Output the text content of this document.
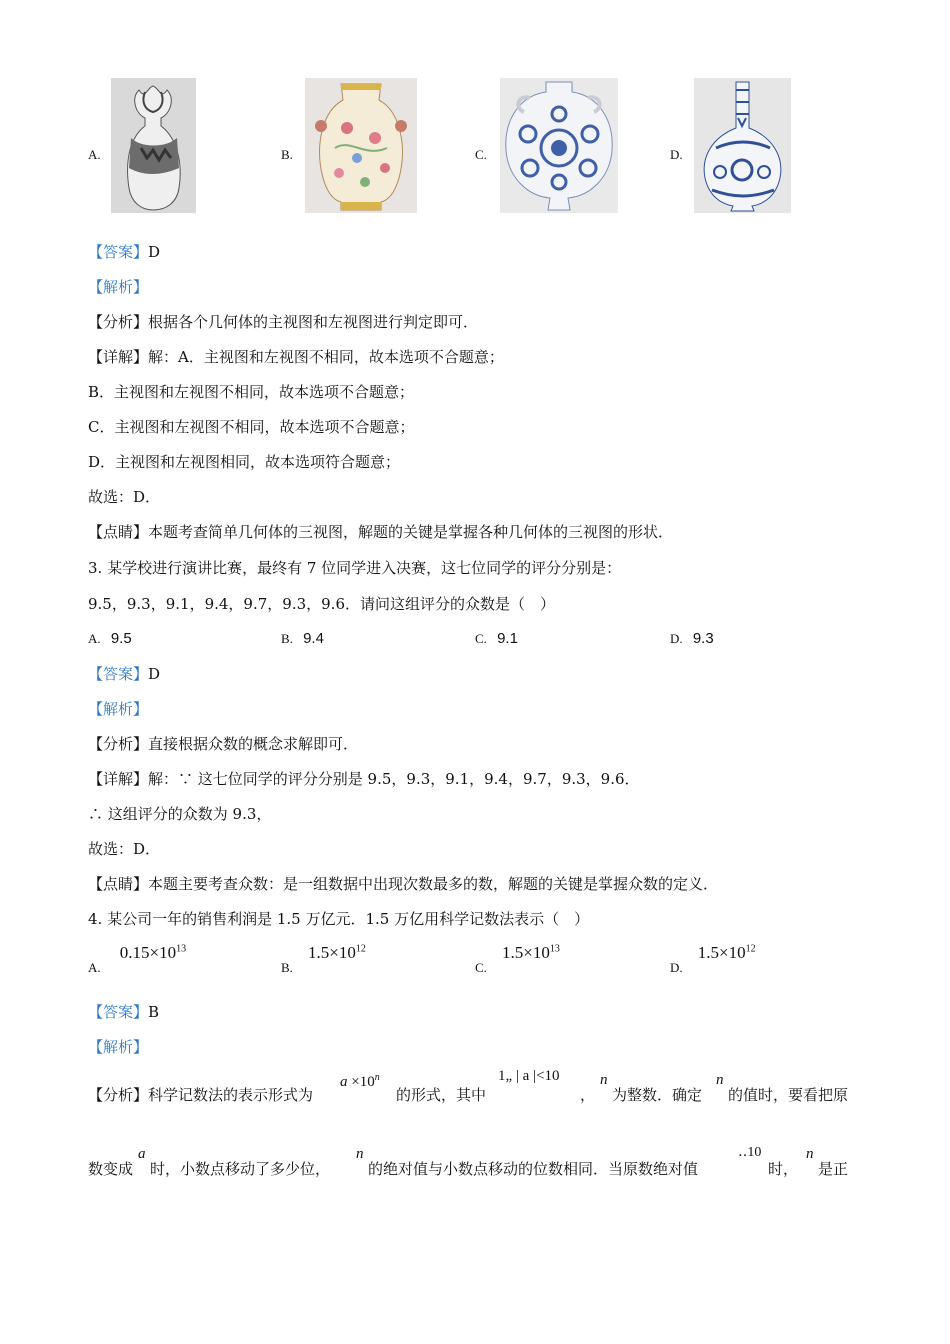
A.	B.	C.	D.
【答案】D
【解析】
【分析】根据各个几何体的主视图和左视图进行判定即可．
【详解】解：A．主视图和左视图不相同，故本选项不合题意；
B．主视图和左视图不相同，故本选项不合题意；
C．主视图和左视图不相同，故本选项不合题意；
D．主视图和左视图相同，故本选项符合题意；
故选：D．
【点睛】本题考查简单几何体的三视图，解题的关键是掌握各种几何体的三视图的形状．
3. 某学校进行演讲比赛，最终有 7 位同学进入决赛，这七位同学的评分分别是：
9.5，9.3，9.1，9.4，9.7，9.3，9.6．请问这组评分的众数是（　）
A. 9.5	B. 9.4	C. 9.1	D. 9.3
【答案】D
【解析】
【分析】直接根据众数的概念求解即可．
【详解】解：∵ 这七位同学的评分分别是 9.5，9.3，9.1，9.4，9.7，9.3，9.6．
∴ 这组评分的众数为 9.3，
故选：D．
【点睛】本题主要考查众数：是一组数据中出现次数最多的数，解题的关键是掌握众数的定义．
4. 某公司一年的销售利润是 1.5 万亿元．1.5 万亿用科学记数法表示（　）
$_{A.}$ $0.15\times 10^{13}$
$_{B.}$ $1.5\times 10^{12}$
$_{C.}$ $1.5\times 10^{13}$
$_{D.}$ $1.5\times 10^{12}$
【答案】B
【解析】
【分析】 科学记数法的表示形式为
$a \times 10^n$
的形式，其中
1„ | a |<10
，
n
为整数．确定
n
的值时，要看把原
数变成
a
时，小数点移动了多少位，
n
的绝对值与小数点移动的位数相同．当原数绝对值
‥10
时，
n
是正
